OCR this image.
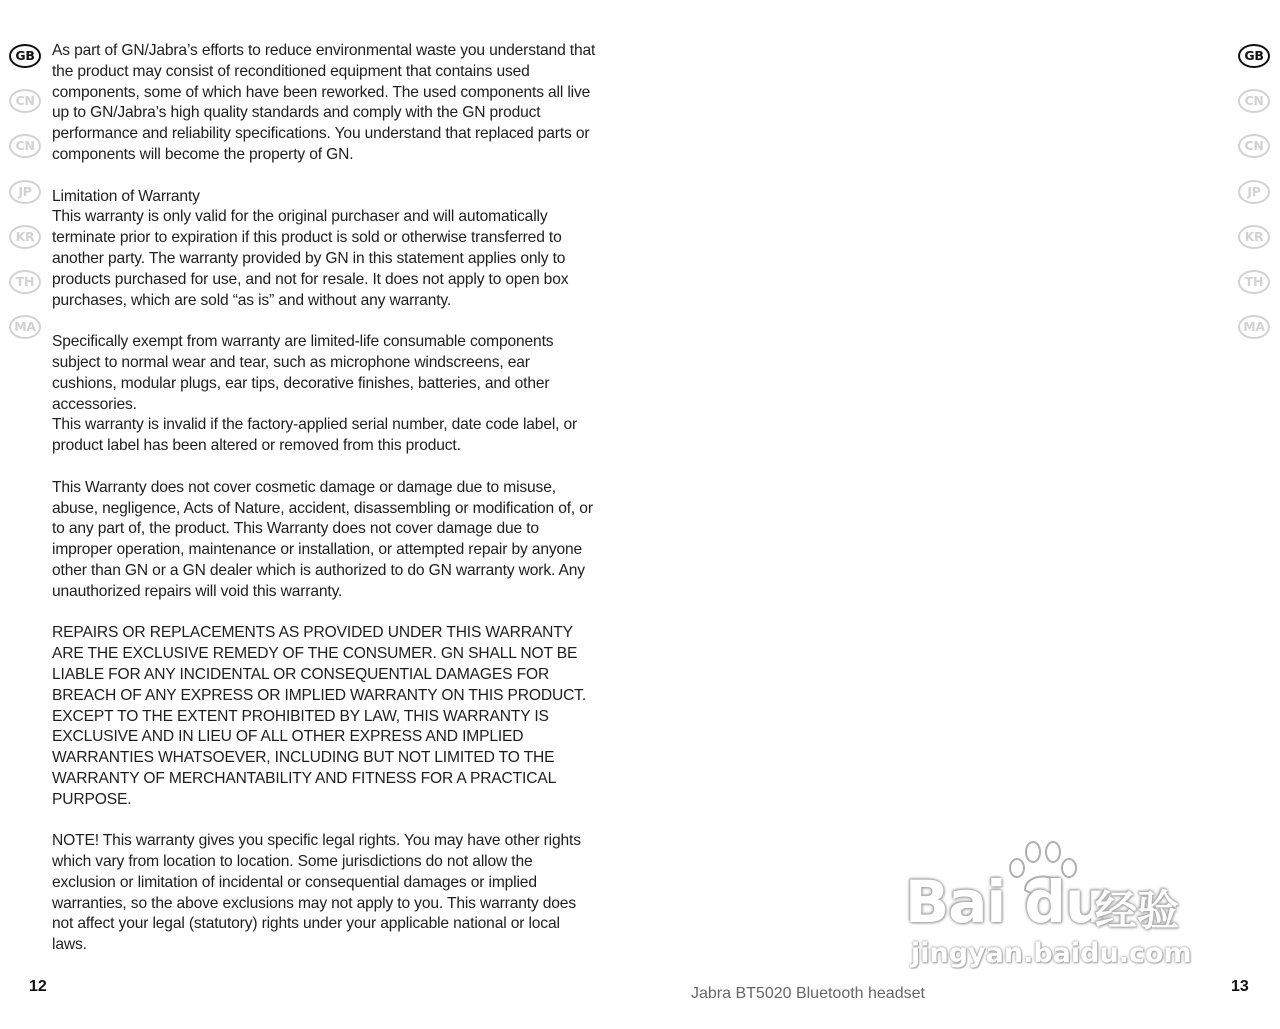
GB
CN
CN
JP
KR
TH
MA
GB
CN
CN
JP
KR
TH
MA

As part of GN/Jabra’s efforts to reduce environmental waste you understand that the product may consist of reconditioned equipment that contains used components, some of which have been reworked. The used components all live up to GN/Jabra’s high quality standards and comply with the GN product performance and reliability specifications. You understand that replaced parts or components will become the property of GN.

Limitation of Warranty

This warranty is only valid for the original purchaser and will automatically terminate prior to expiration if this product is sold or otherwise transferred to another party. The warranty provided by GN in this statement applies only to products purchased for use, and not for resale. It does not apply to open box purchases, which are sold “as is” and without any warranty.

Specifically exempt from warranty are limited-life consumable components subject to normal wear and tear, such as microphone windscreens, ear cushions, modular plugs, ear tips, decorative finishes, batteries, and other accessories.

This warranty is invalid if the factory-applied serial number, date code label, or product label has been altered or removed from this product.

This Warranty does not cover cosmetic damage or damage due to misuse, abuse, negligence, Acts of Nature, accident, disassembling or modification of, or to any part of, the product. This Warranty does not cover damage due to improper operation, maintenance or installation, or attempted repair by anyone other than GN or a GN dealer which is authorized to do GN warranty work. Any unauthorized repairs will void this warranty.

REPAIRS OR REPLACEMENTS AS PROVIDED UNDER THIS WARRANTY ARE THE EXCLUSIVE REMEDY OF THE CONSUMER. GN SHALL NOT BE LIABLE FOR ANY INCIDENTAL OR CONSEQUENTIAL DAMAGES FOR BREACH OF ANY EXPRESS OR IMPLIED WARRANTY ON THIS PRODUCT. EXCEPT TO THE EXTENT PROHIBITED BY LAW, THIS WARRANTY IS EXCLUSIVE AND IN LIEU OF ALL OTHER EXPRESS AND IMPLIED WARRANTIES WHATSOEVER, INCLUDING BUT NOT LIMITED TO THE WARRANTY OF MERCHANTABILITY AND FITNESS FOR A PRACTICAL PURPOSE.

NOTE! This warranty gives you specific legal rights. You may have other rights which vary from location to location. Some jurisdictions do not allow the exclusion or limitation of incidental or consequential damages or implied warranties, so the above exclusions may not apply to you. This warranty does not affect your legal (statutory) rights under your applicable national or local laws.

12	Jabra BT5020 Bluetooth headset	13
Bai du
经验
jingyan.baidu.com
